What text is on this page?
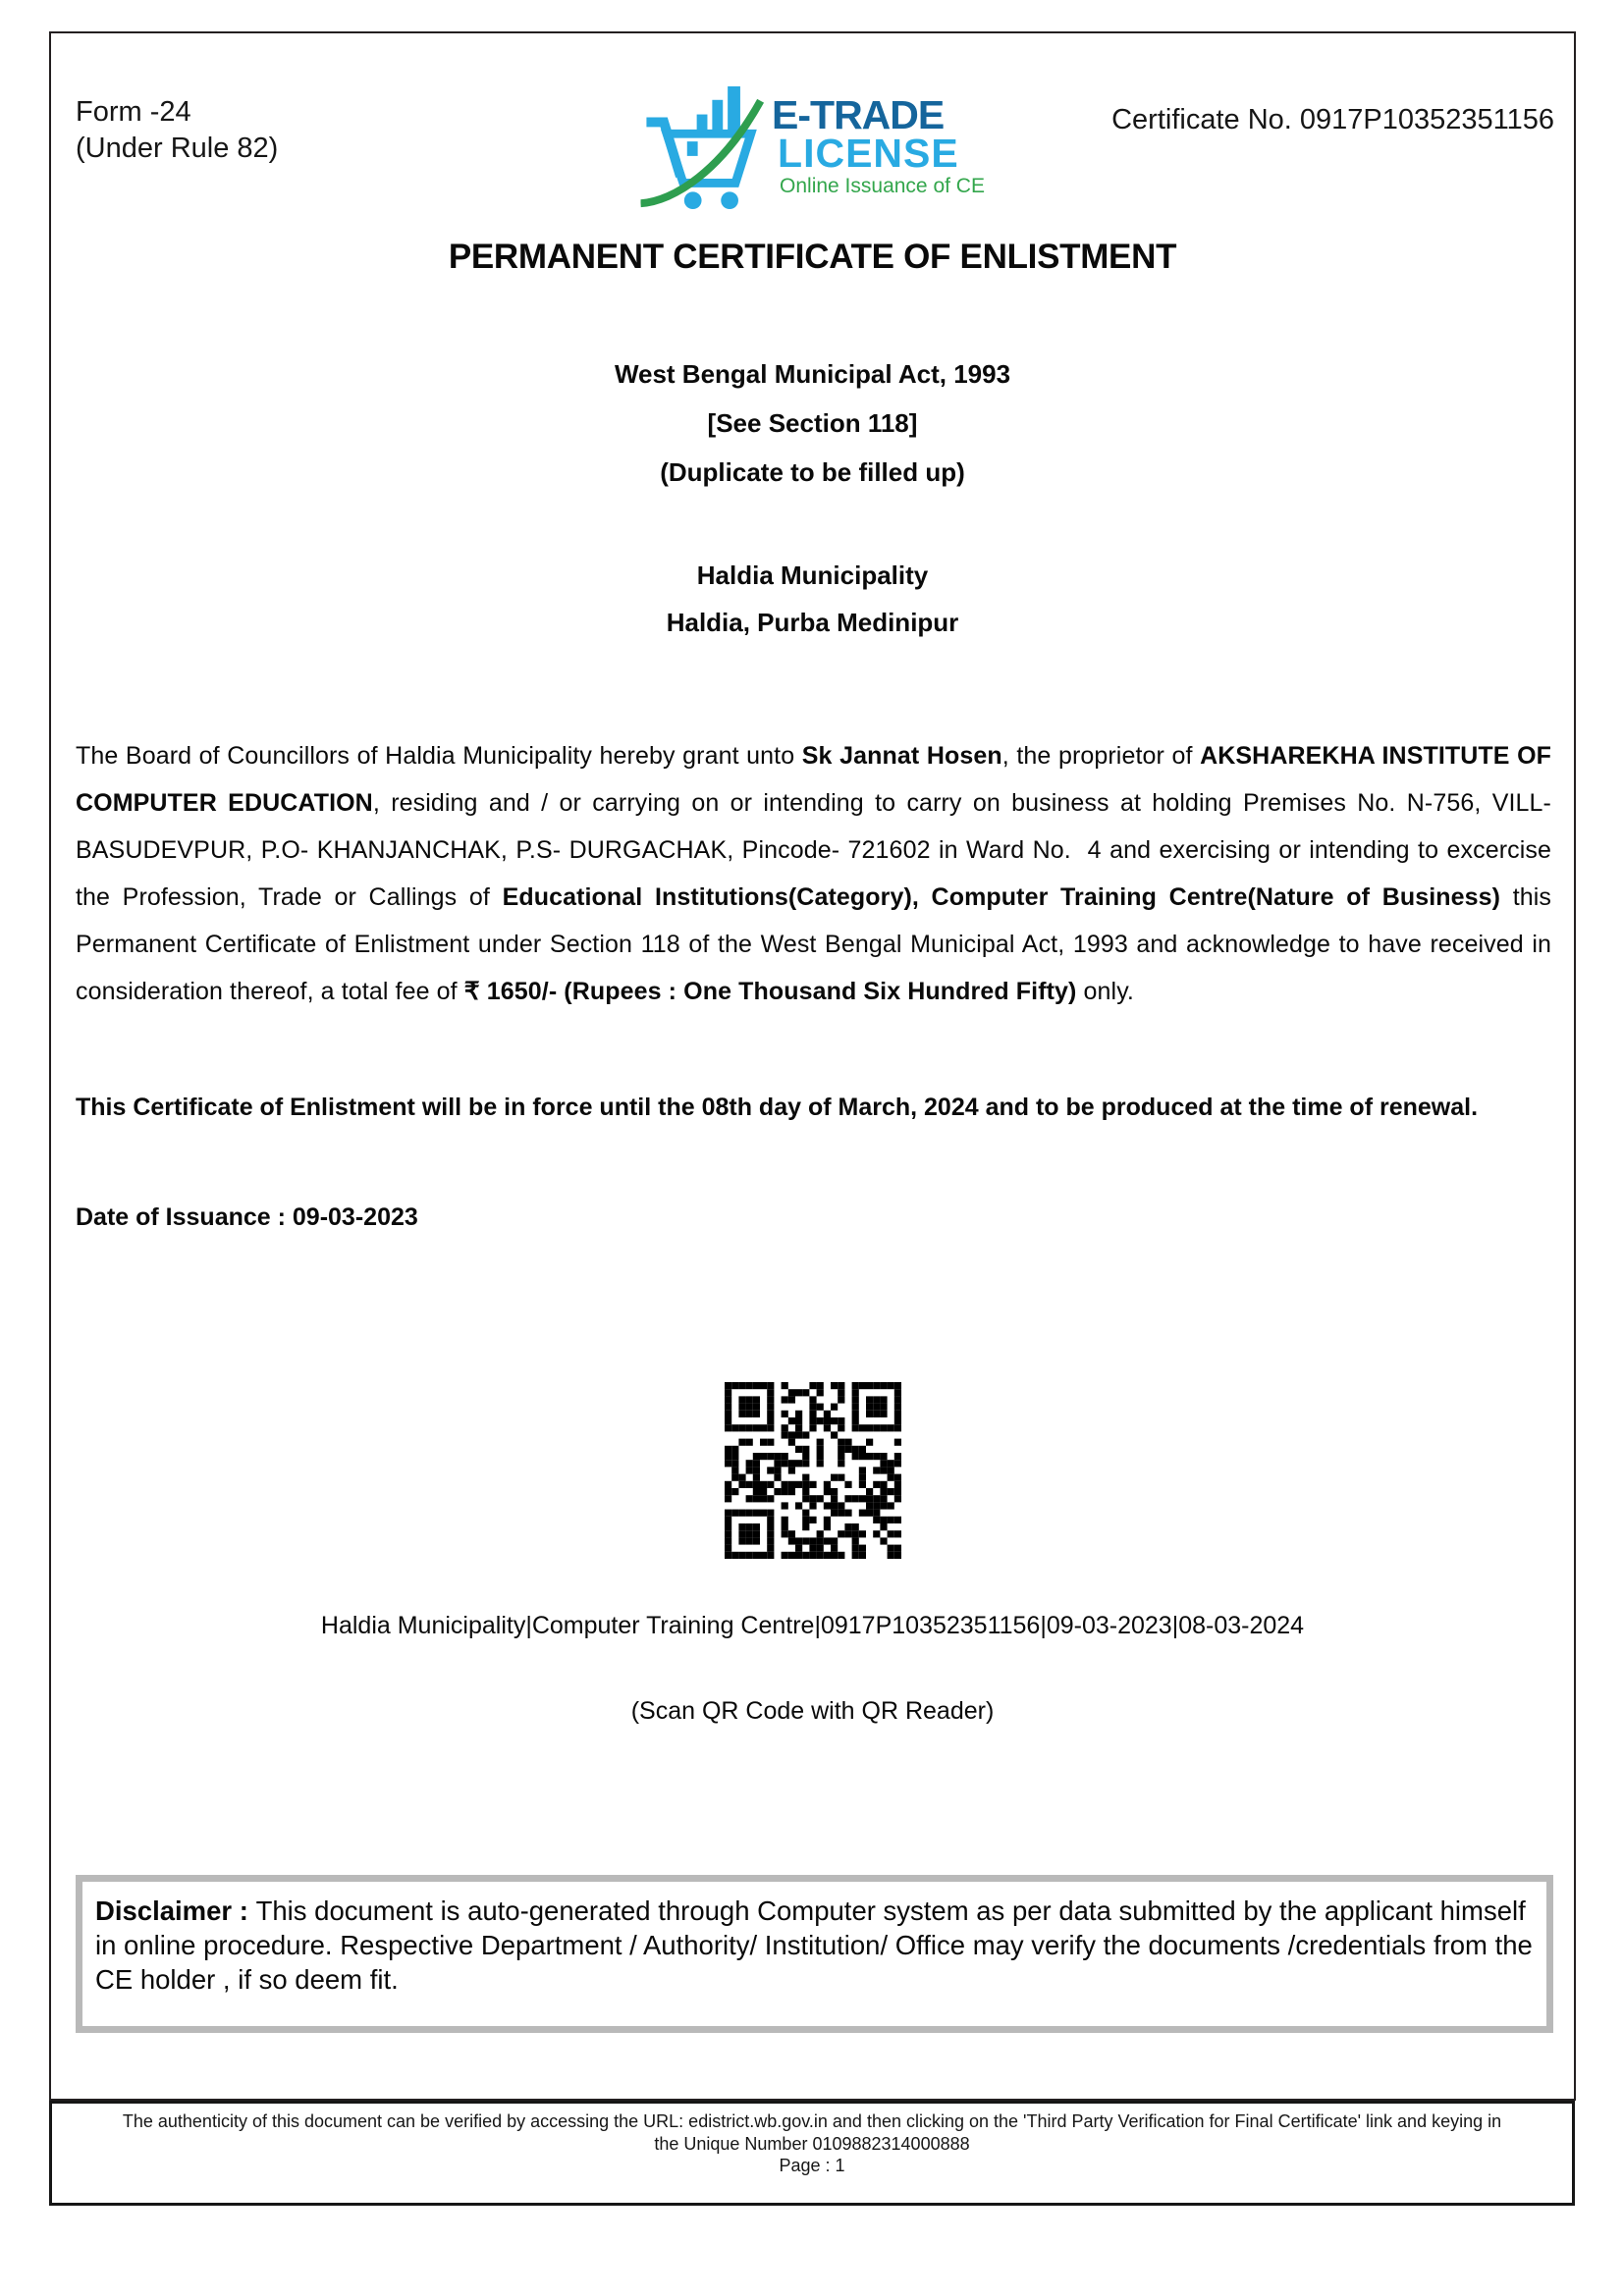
Form -24
(Under Rule 82)
E-TRADE
LICENSE
Online Issuance of CE
Certificate No. 0917P10352351156
PERMANENT CERTIFICATE OF ENLISTMENT
West Bengal Municipal Act, 1993
[See Section 118]
(Duplicate to be filled up)
Haldia Municipality
Haldia, Purba Medinipur
The Board of Councillors of Haldia Municipality hereby grant unto Sk Jannat Hosen, the proprietor of AKSHAREKHA INSTITUTE OF COMPUTER EDUCATION, residing and / or carrying on or intending to carry on business at holding Premises No. N-756, VILL-BASUDEVPUR, P.O- KHANJANCHAK, P.S- DURGACHAK, Pincode- 721602 in Ward No.  4 and exercising or intending to excercise the Profession, Trade or Callings of Educational Institutions(Category), Computer Training Centre(Nature of Business) this Permanent Certificate of Enlistment under Section 118 of the West Bengal Municipal Act, 1993 and acknowledge to have received in consideration thereof, a total fee of ₹ 1650/- (Rupees : One Thousand Six Hundred Fifty) only.
This Certificate of Enlistment will be in force until the 08th day of March, 2024 and to be produced at the time of renewal.
Date of Issuance : 09-03-2023
Haldia Municipality|Computer Training Centre|0917P10352351156|09-03-2023|08-03-2024
(Scan QR Code with QR Reader)
Disclaimer : This document is auto-generated through Computer system as per data submitted by the applicant himself in online procedure. Respective Department / Authority/ Institution/ Office may verify the documents /credentials from the CE holder , if so deem fit.
The authenticity of this document can be verified by accessing the URL: edistrict.wb.gov.in and then clicking on the 'Third Party Verification for Final Certificate' link and keying in
the Unique Number 0109882314000888
Page : 1
